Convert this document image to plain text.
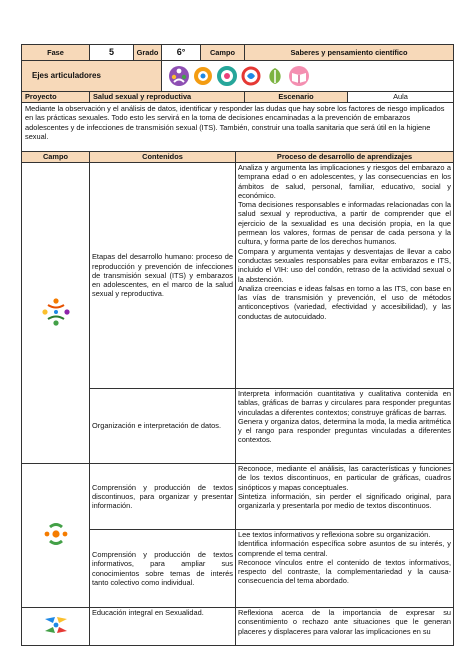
Fase	5	Grado	6°	Campo		Saberes y pensamiento científico	
Ejes articuladores	

Proyecto	Salud sexual y reproductiva					Escenario	Aula
Mediante la observación y el análisis de datos, identificar y responder las dudas que hay sobre los factores de riesgo implicados en las prácticas sexuales. Todo esto les servirá en la toma de decisiones encaminadas a la prevención de embarazos adolescentes y de infecciones de transmisión sexual (ITS). También, construir una toalla sanitaria que será útil en la higiene sexual.							
Campo	Contenidos				Proceso de desarrollo de aprendizajes		
	Etapas del desarrollo humano: proceso de reproducción y prevención de infecciones de transmisión sexual (ITS) y embarazos en adolescentes, en el marco de la salud sexual y reproductiva.				Analiza y argumenta las implicaciones y riesgos del embarazo a temprana edad o en adolescentes, y las consecuencias en los ámbitos de salud, personal, familiar, educativo, social y económico.

Toma decisiones responsables e informadas relacionadas con la salud sexual y reproductiva, a partir de comprender que el ejercicio de la sexualidad es una decisión propia, en la que permean los valores, formas de pensar de cada persona y la cultura, y forma parte de los derechos humanos.

Compara y argumenta ventajas y desventajas de llevar a cabo conductas sexuales responsables para evitar embarazos e ITS, incluido el VIH: uso del condón, retraso de la actividad sexual o la abstención.

Analiza creencias e ideas falsas en torno a las ITS, con base en las vías de transmisión y prevención, el uso de métodos anticonceptivos (variedad, efectividad y accesibilidad), y las conductas de autocuidado.		

	Organización e interpretación de datos.				Interpreta información cuantitativa y cualitativa contenida en tablas, gráficas de barras y circulares para responder preguntas vinculadas a diferentes contextos; construye gráficas de barras.

Genera y organiza datos, determina la moda, la media aritmética y el rango para responder preguntas vinculadas a diferentes contextos.		

	Comprensión y producción de textos discontinuos, para organizar y presentar información.				Reconoce, mediante el análisis, las características y funciones de los textos discontinuos, en particular de gráficas, cuadros sinópticos y mapas conceptuales.

Sintetiza información, sin perder el significado original, para organizarla y presentarla por medio de textos discontinuos.		

	Comprensión y producción de textos informativos, para ampliar sus conocimientos sobre temas de interés tanto colectivo como individual.				Lee textos informativos y reflexiona sobre su organización.

Identifica información específica sobre asuntos de su interés, y comprende el tema central.

Reconoce vínculos entre el contenido de textos informativos, respecto del contraste, la complementariedad y la causa-consecuencia del tema abordado.		

	Educación integral en Sexualidad.				Reflexiona acerca de la importancia de expresar su consentimiento o rechazo ante situaciones que le generan placeres y displaceres para valorar las implicaciones en su		
